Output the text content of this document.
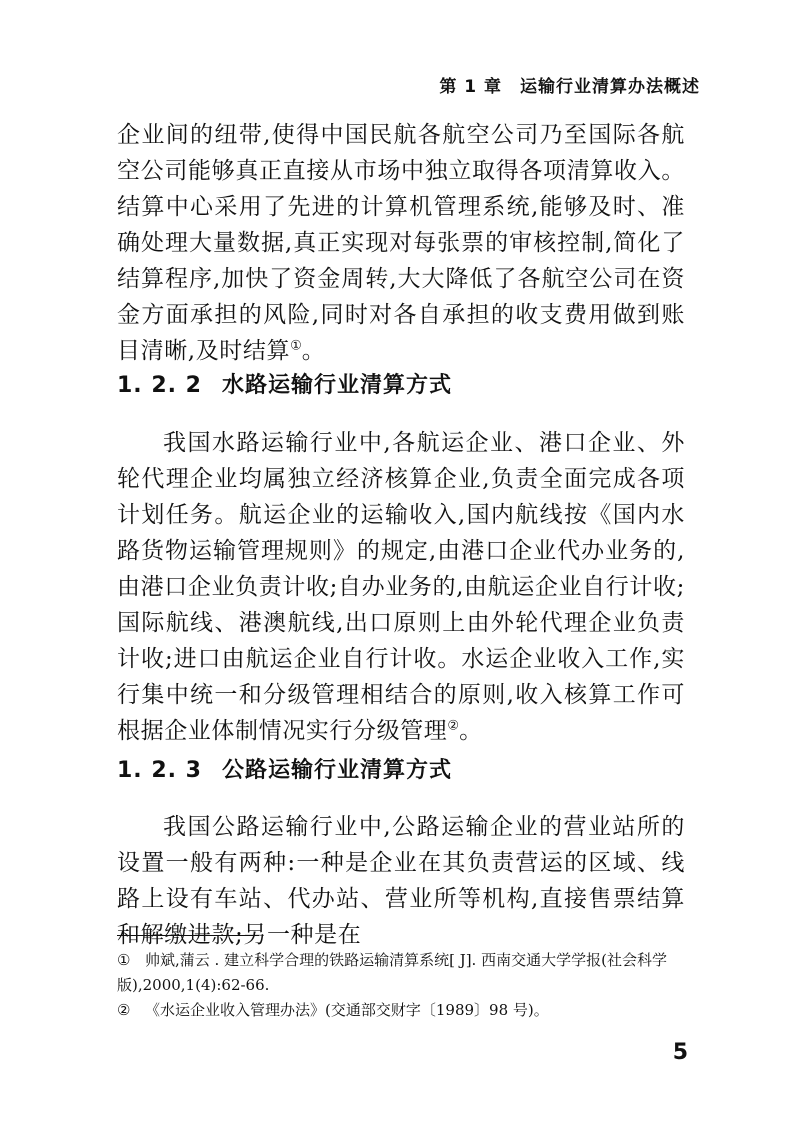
第 1 章 运输行业清算办法概述

企业间的纽带,使得中国民航各航空公司乃至国际各航空公司能够真正直接从市场中独立取得各项清算收入。结算中心采用了先进的计算机管理系统,能够及时、准确处理大量数据,真正实现对每张票的审核控制,简化了结算程序,加快了资金周转,大大降低了各航空公司在资金方面承担的风险,同时对各自承担的收支费用做到账目清晰,及时结算①。

1. 2. 2 水路运输行业清算方式

我国水路运输行业中,各航运企业、港口企业、外轮代理企业均属独立经济核算企业,负责全面完成各项计划任务。航运企业的运输收入,国内航线按《国内水路货物运输管理规则》的规定,由港口企业代办业务的,由港口企业负责计收;自办业务的,由航运企业自行计收;国际航线、港澳航线,出口原则上由外轮代理企业负责计收;进口由航运企业自行计收。水运企业收入工作,实行集中统一和分级管理相结合的原则,收入核算工作可根据企业体制情况实行分级管理②。

1. 2. 3 公路运输行业清算方式

我国公路运输行业中,公路运输企业的营业站所的设置一般有两种:一种是企业在其负责营运的区域、线路上设有车站、代办站、营业所等机构,直接售票结算和解缴进款;另一种是在

① 帅斌,蒲云 . 建立科学合理的铁路运输清算系统[ J]. 西南交通大学学报(社会科学版),2000,1(4):62-66.

② 《水运企业收入管理办法》(交通部交财字〔1989〕98 号)。

5
